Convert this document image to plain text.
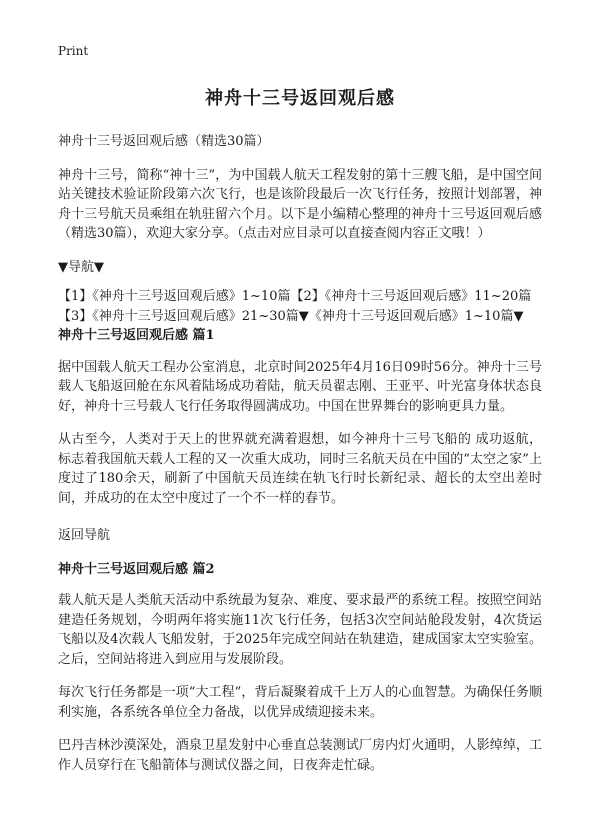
Print
神舟十三号返回观后感
神舟十三号返回观后感（精选30篇）
神舟十三号，简称“神十三”，为中国载人航天工程发射的第十三艘飞船，是中国空间站关键技术验证阶段第六次飞行，也是该阶段最后一次飞行任务，按照计划部署，神舟十三号航天员乘组在轨驻留六个月。以下是小编精心整理的神舟十三号返回观后感（精选30篇），欢迎大家分享。（点击对应目录可以直接查阅内容正文哦！）
▼导航▼
【1】《神舟十三号返回观后感》1~10篇【2】《神舟十三号返回观后感》11~20篇 【3】《神舟十三号返回观后感》21~30篇▼《神舟十三号返回观后感》1~10篇▼
神舟十三号返回观后感 篇1
据中国载人航天工程办公室消息，北京时间2025年4月16日09时56分。神舟十三号载人飞船返回舱在东风着陆场成功着陆，航天员翟志刚、王亚平、叶光富身体状态良好，神舟十三号载人飞行任务取得圆满成功。中国在世界舞台的影响更具力量。
从古至今，人类对于天上的世界就充满着遐想，如今神舟十三号飞船的 成功返航，标志着我国航天载人工程的又一次重大成功，同时三名航天员在中国的“太空之家”上度过了180余天，刷新了中国航天员连续在轨飞行时长新纪录、超长的太空出差时间，并成功的在太空中度过了一个不一样的春节。
返回导航
神舟十三号返回观后感 篇2
载人航天是人类航天活动中系统最为复杂、难度、要求最严的系统工程。按照空间站建造任务规划，今明两年将实施11次飞行任务，包括3次空间站舱段发射，4次货运飞船以及4次载人飞船发射，于2025年完成空间站在轨建造，建成国家太空实验室。之后，空间站将进入到应用与发展阶段。
每次飞行任务都是一项“大工程”，背后凝聚着成千上万人的心血智慧。为确保任务顺利实施，各系统各单位全力备战，以优异成绩迎接未来。
巴丹吉林沙漠深处，酒泉卫星发射中心垂直总装测试厂房内灯火通明，人影绰绰，工作人员穿行在飞船箭体与测试仪器之间，日夜奔走忙碌。
